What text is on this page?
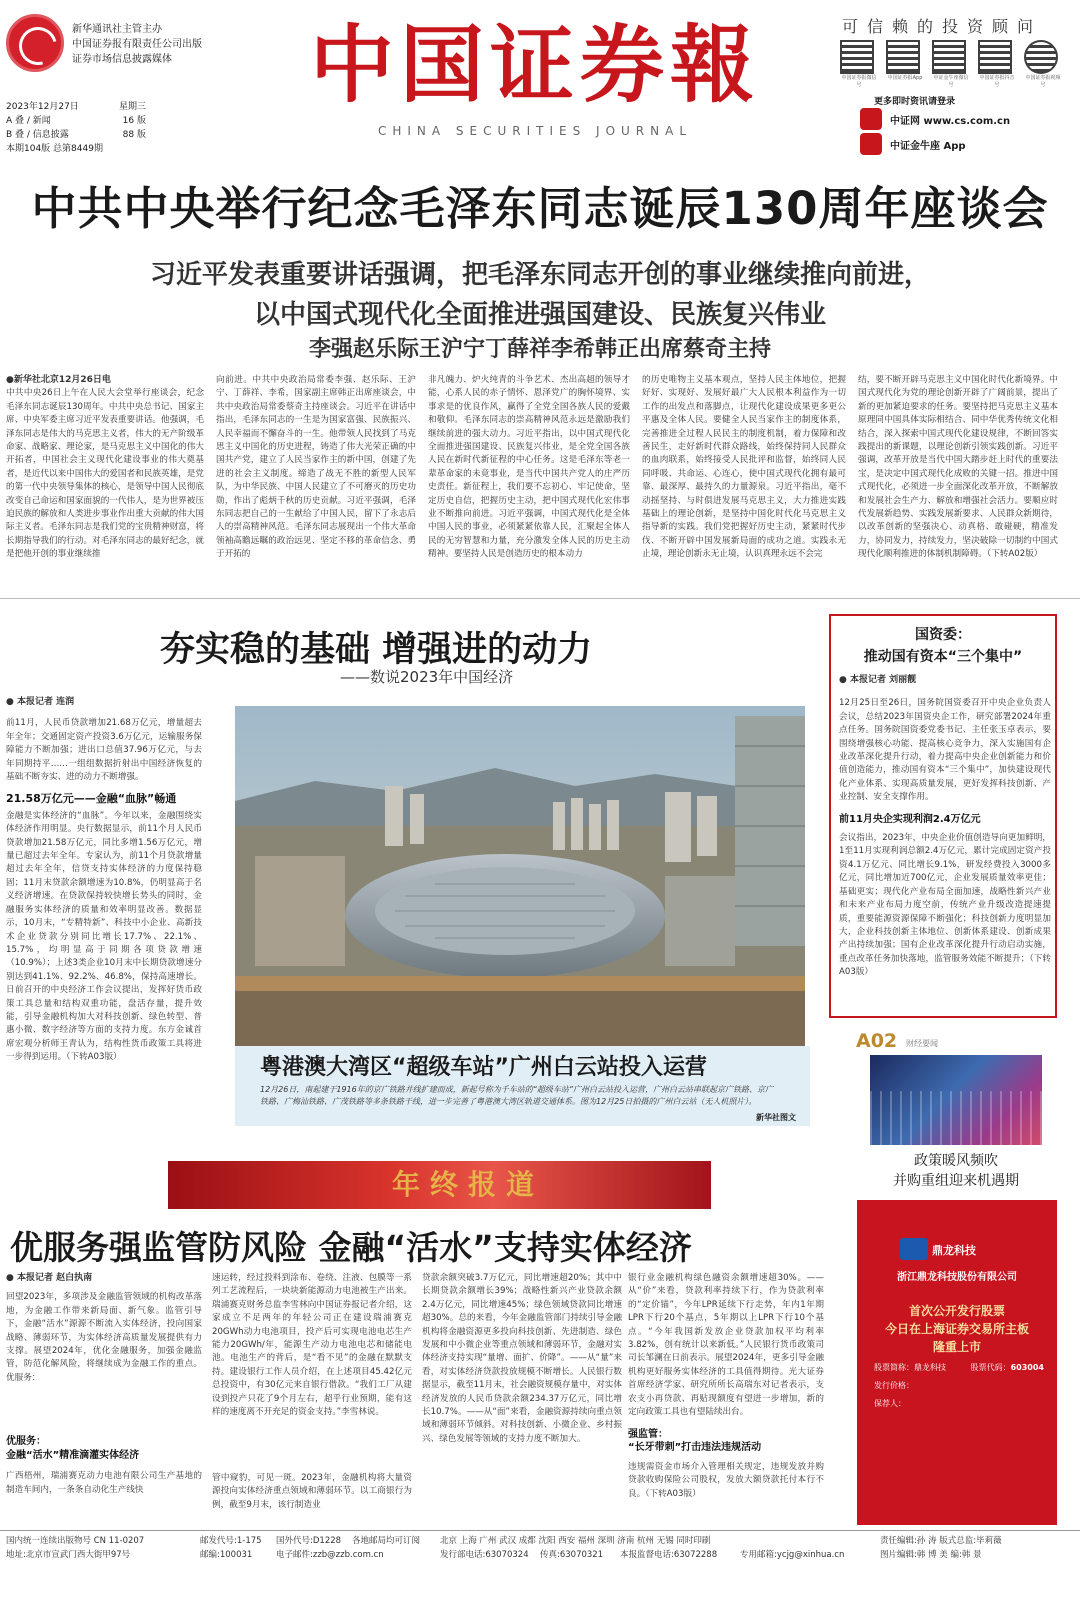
新华通讯社主管主办
中国证券报有限责任公司出版
证券市场信息披露媒体
2023年12月27日	星期三
A 叠 / 新闻	16 版
B 叠 / 信息披露	88 版
本期104版 总第8449期
中国证券報
CHINA SECURITIES JOURNAL
可信赖的投资顾问
中国证券报微信号
中国证券报App	中证金牛座微信号
中国证券报抖音号
中国证券报视频号
更多即时资讯请登录
中证网 www.cs.com.cn
中证金牛座 App
中共中央举行纪念毛泽东同志诞辰130周年座谈会
习近平发表重要讲话强调，把毛泽东同志开创的事业继续推向前进，
以中国式现代化全面推进强国建设、民族复兴伟业
李强赵乐际王沪宁丁薛祥李希韩正出席蔡奇主持
●新华社北京12月26日电
中共中央26日上午在人民大会堂举行座谈会，纪念毛泽东同志诞辰130周年。中共中央总书记、国家主席、中央军委主席习近平发表重要讲话。他强调，毛泽东同志是伟大的马克思主义者，伟大的无产阶级革命家、战略家、理论家，是马克思主义中国化的伟大开拓者，中国社会主义现代化建设事业的伟大奠基者，是近代以来中国伟大的爱国者和民族英雄，是党的第一代中央领导集体的核心，是领导中国人民彻底改变自己命运和国家面貌的一代伟人，是为世界被压迫民族的解放和人类进步事业作出重大贡献的伟大国际主义者。毛泽东同志是我们党的宝贵精神财富，将长期指导我们的行动。对毛泽东同志的最好纪念，就是把他开创的事业继续推
向前进。中共中央政治局常委李强、赵乐际、王沪宁、丁薛祥、李希，国家副主席韩正出席座谈会，中共中央政治局常委蔡奇主持座谈会。习近平在讲话中指出，毛泽东同志的一生是为国家富强、民族振兴、人民幸福而不懈奋斗的一生。他带领人民找到了马克思主义中国化的历史进程，铸造了伟大光荣正确的中国共产党，建立了人民当家作主的新中国，创建了先进的社会主义制度。缔造了战无不胜的新型人民军队，为中华民族、中国人民建立了不可磨灭的历史功勋，作出了彪炳千秋的历史贡献。习近平强调，毛泽东同志把自己的一生献给了中国人民，留下了永志后人的崇高精神风范。毛泽东同志展现出一个伟大革命领袖高瞻远瞩的政治远见、坚定不移的革命信念、勇于开拓的
非凡魄力、炉火纯青的斗争艺术、杰出高超的领导才能，心系人民的赤子情怀、恩泽党广的胸怀境界、实事求是的优良作风，赢得了全党全国各族人民的爱戴和敬仰。毛泽东同志的崇高精神风范永远是激励我们继续前进的强大动力。习近平指出，以中国式现代化全面推进强国建设、民族复兴伟业，是全党全国各族人民在新时代新征程的中心任务。这是毛泽东等老一辈革命家的未竟事业，是当代中国共产党人的庄严历史责任。新征程上，我们要不忘初心、牢记使命，坚定历史自信，把握历史主动，把中国式现代化宏伟事业不断推向前进。习近平强调，中国式现代化是全体中国人民的事业，必须紧紧依靠人民，汇聚起全体人民的无穷智慧和力量，充分激发全体人民的历史主动精神。要坚持人民是创造历史的根本动力
的历史唯物主义基本观点，坚持人民主体地位，把握好好、实现好、发展好最广大人民根本利益作为一切工作的出发点和落脚点，让现代化建设成果更多更公平惠及全体人民。要健全人民当家作主的制度体系，完善推进全过程人民民主的制度机制，着力保障和改善民生，走好新时代群众路线，始终保持同人民群众的血肉联系，始终接受人民批评和监督，始终同人民同呼吸、共命运、心连心，使中国式现代化拥有最可靠、最深厚、最持久的力量源泉。习近平指出，毫不动摇坚持、与时俱进发展马克思主义，大力推进实践基础上的理论创新，是坚持中国化时代化马克思主义指导新的实践。我们党把握好历史主动，紧紧时代步伐、不断开辟中国发展新局面的成功之道。实践永无止境，理论创新永无止境，认识真理永远不会完
结，要不断开辟马克思主义中国化时代化新境界。中国式现代化为党的理论创新开辟了广阔前景，提出了新的更加紧迫要求的任务。要坚持把马克思主义基本原理同中国具体实际相结合、同中华优秀传统文化相结合，深入探索中国式现代化建设规律，不断回答实践提出的新课题，以理论创新引领实践创新。习近平强调，改革开放是当代中国大踏步赶上时代的重要法宝，是决定中国式现代化成败的关键一招。推进中国式现代化，必须进一步全面深化改革开放，不断解放和发展社会生产力、解放和增强社会活力。要顺应时代发展新趋势、实践发展新要求、人民群众新期待，以改革创新的坚强决心、动真格、敢碰硬，精准发力，协同发力，持续发力，坚决破除一切制约中国式现代化顺利推进的体制机制障碍。（下转A02版）
夯实稳的基础 增强进的动力
——数说2023年中国经济
● 本报记者 连润
前11月，人民币贷款增加21.68万亿元，增量超去年全年；交通固定资产投资3.6万亿元，运输服务保障能力不断加强；进出口总值37.96万亿元，与去年同期持平……一组组数据折射出中国经济恢复的基础不断夯实、进的动力不断增强。
21.58万亿元——金融“血脉”畅通
金融是实体经济的“血脉”。今年以来，金融围绕实体经济作用明显。央行数据显示，前11个月人民币贷款增加21.58万亿元，同比多增1.56万亿元，增量已超过去年全年。专家认为，前11个月贷款增量超过去年全年，信贷支持实体经济的力度保持稳固；11月末贷款余额增速为10.8%，仍明显高于名义经济增速。在贷款保持较快增长势头的同时，金融服务实体经济的质量和效率明显改善。数据显示，10月末，“专精特新”、科技中小企业、高新技术企业贷款分别同比增长17.7%、22.1%、15.7%，均明显高于同期各项贷款增速（10.9%）；上述3类企业10月末中长期贷款增速分别达到41.1%、92.2%、46.8%，保持高速增长。日前召开的中央经济工作会议提出，发挥好货币政策工具总量和结构双重功能，盘活存量，提升效能，引导金融机构加大对科技创新、绿色转型、普惠小微、数字经济等方面的支持力度。东方金诚首席宏观分析师王青认为，结构性货币政策工具将进一步得到运用。（下转A03版）	粤港澳大湾区“超级车站”广州白云站投入运营
12月26日，南起建于1916年的京广铁路并线扩建而成，新起号称为千车站的“超级车站”广州白云站投入运营，广州白云站串联起京广铁路、京广铁路、广梅汕铁路、广茂铁路等多条铁路干线，进一步完善了粤港澳大湾区轨道交通体系。图为12月25日拍摄的广州白云站（无人机照片）。
新华社图文
国资委：
推动国有资本“三个集中”
● 本报记者 刘丽靓
12月25日至26日，国务院国资委召开中央企业负责人会议，总结2023年国资央企工作，研究部署2024年重点任务。国务院国资委党委书记、主任张玉卓表示，要围绕增强核心功能、提高核心竞争力，深入实施国有企业改革深化提升行动，着力提高中央企业创新能力和价值创造能力，推动国有资本“三个集中”，加快建设现代化产业体系、实现高质量发展，更好发挥科技创新、产业控制、安全支撑作用。
前11月央企实现利润2.4万亿元
会议指出，2023年，中央企业价值创造导向更加鲜明，1至11月实现利润总额2.4万亿元，累计完成固定资产投资4.1万亿元、同比增长9.1%，研发经费投入3000多亿元，同比增加近700亿元，企业发展质量效率更佳；基础更实；现代化产业布局全面加速，战略性新兴产业和未来产业布局力度空前，传统产业升级改造提速提质，重要能源资源保障不断强化；科技创新力度明显加大，企业科技创新主体地位、创新体系建设、创新成果产出持续加强；国有企业改革深化提升行动启动实施，重点改革任务加快落地，监管服务效能不断提升；（下转A03版）
A02 财经要闻
政策暖风频吹
并购重组迎来机遇期
年终报道
优服务强监管防风险 金融“活水”支持实体经济
● 本报记者 赵白执南
回望2023年，多项涉及金融监管领域的机构改革落地，为金融工作带来新局面、新气象。监管引导下，金融“活水”源源不断流入实体经济，投向国家战略、薄弱环节，为实体经济高质量发展提供有力支撑。展望2024年，优化金融服务，加强金融监管，防范化解风险，将继续成为金融工作的重点。优服务：
优服务：
金融“活水”精准滴灌实体经济
广西梧州，瑞浦赛克动力电池有限公司生产基地的制造车间内，一条条自动化生产线快
速运转，经过投料到涂布、卷绕、注液、包膜等一系列工艺流程后，一块块新能源动力电池被生产出来。瑞浦赛克财务总监李雪林向中国证券报记者介绍，这家成立不足两年的年轻公司正在建设瑞浦赛克20GWh动力电池项目，投产后可实现电池电芯生产能力20GWh/年，能源生产动力电池电芯和储能电池。电池生产的背后，是“看不见”的金融在默默支持。建设银行工作人员介绍，在上述项目45.42亿元总投资中，有30亿元来自银行借款。“我们工厂从建设到投产只花了9个月左右，超乎行业预期，能有这样的速度离不开充足的资金支持。”李雪林说。
管中窥豹，可见一斑。2023年，金融机构将大量资源投向实体经济重点领域和薄弱环节。以工商银行为例，截至9月末，该行制造业
贷款余额突破3.7万亿元，同比增速超20%；其中中长期贷款余额增长39%；战略性新兴产业贷款余额2.4万亿元，同比增速45%；绿色领域贷款同比增速超30%。总的来看，今年金融监管部门持续引导金融机构将金融资源更多投向科技创新、先进制造、绿色发展和中小微企业等重点领域和薄弱环节，金融对实体经济支持实现“量增、面扩、价降”。——从“量”来看，对实体经济贷款投放规模不断增长。人民银行数据显示，截至11月末，社会融资规模存量中，对实体经济发放的人民币贷款余额234.37万亿元，同比增长10.7%。——从“面”来看，金融资源持续向重点领域和薄弱环节倾斜。对科技创新、小微企业、乡村振兴、绿色发展等领域的支持力度不断加大。
银行业金融机构绿色融资余额增速超30%。——从“价”来看，贷款利率持续下行，作为贷款利率的“定价锚”，今年LPR延续下行走势，年内1年期LPR下行20个基点，5年期以上LPR下行10个基点。“今年我国新发放企业贷款加权平均利率3.82%，创有统计以来新低。”人民银行货币政策司司长邹澜在日前表示。展望2024年，更多引导金融机构更好服务实体经济的工具值得期待。光大证券首席经济学家、研究所所长高瑞东对记者表示，支农支小再贷款、再贴现额度有望进一步增加，新的定向政策工具也有望陆续出台。
强监管：
“长牙带刺”打击违法违规活动
违规需资金市场介入管理相关规定，违规发放并购贷款收购保险公司股权，发放大额贷款托付本行不良。（下转A03版）
鼎龙科技
浙江鼎龙科技股份有限公司
首次公开发行股票
今日在上海证券交易所主板
隆重上市
股票简称：鼎龙科技	股票代码：603004
发行价格：
保荐人：
国内统一连续出版物号 CN 11-0207	邮发代号:1-175 国外代号:D1228 各地邮局均可订阅 北京 上海 广州 武汉 成都 沈阳 西安 福州 深圳 济南 杭州 无锡 同时印刷	责任编辑:孙 涛 版式总监:毕莉薇
地址:北京市宣武门西大街甲97号	邮编:100031	电子邮件:zzb@zzb.com.cn	发行部电话:63070324 传真:63070321 本报监督电话:63072288	专用邮箱:ycjg@xinhua.cn	图片编辑:韩 博 美 编:韩 景
